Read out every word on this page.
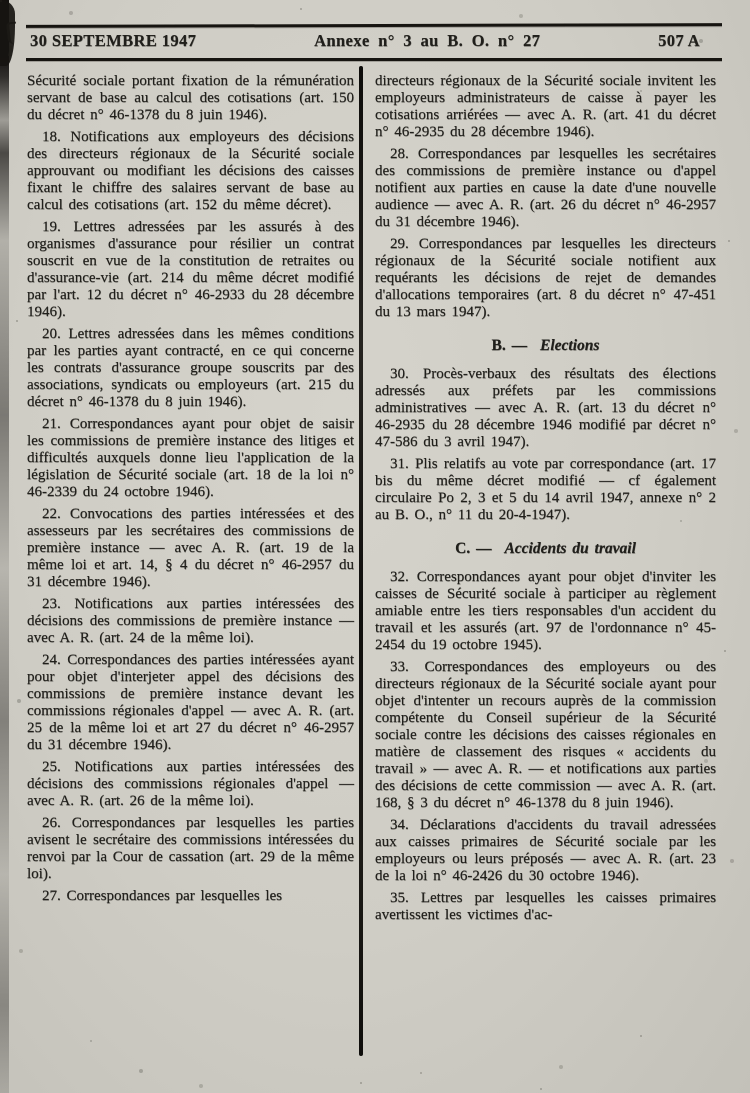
30 SEPTEMBRE 1947	Annexe n° 3 au B. O. n° 27	507 A

Sécurité sociale portant fixation de la rémunération servant de base au calcul des cotisations (art. 150 du décret n° 46-1378 du 8 juin 1946).

18. Notifications aux employeurs des décisions des directeurs régionaux de la Sécurité sociale approuvant ou modifiant les décisions des caisses fixant le chiffre des salaires servant de base au calcul des cotisations (art. 152 du même décret).

19. Lettres adressées par les assurés à des organismes d'assurance pour résilier un contrat souscrit en vue de la constitution de retraites ou d'assurance-vie (art. 214 du même décret modifié par l'art. 12 du décret n° 46-2933 du 28 décembre 1946).

20. Lettres adressées dans les mêmes conditions par les parties ayant contracté, en ce qui concerne les contrats d'assurance groupe souscrits par des associations, syndicats ou employeurs (art. 215 du décret n° 46-1378 du 8 juin 1946).

21. Correspondances ayant pour objet de saisir les commissions de première instance des litiges et difficultés auxquels donne lieu l'application de la législation de Sécurité sociale (art. 18 de la loi n° 46-2339 du 24 octobre 1946).

22. Convocations des parties intéressées et des assesseurs par les secrétaires des commissions de première instance — avec A. R. (art. 19 de la même loi et art. 14, § 4 du décret n° 46-2957 du 31 décembre 1946).

23. Notifications aux parties intéressées des décisions des commissions de première instance — avec A. R. (art. 24 de la même loi).

24. Correspondances des parties intéressées ayant pour objet d'interjeter appel des décisions des commissions de première instance devant les commissions régionales d'appel — avec A. R. (art. 25 de la même loi et art 27 du décret n° 46-2957 du 31 décembre 1946).

25. Notifications aux parties intéressées des décisions des commissions régionales d'appel — avec A. R. (art. 26 de la même loi).

26. Correspondances par lesquelles les parties avisent le secrétaire des commissions intéressées du renvoi par la Cour de cassation (art. 29 de la même loi).

27. Correspondances par lesquelles les

directeurs régionaux de la Sécurité sociale invitent les employeurs administrateurs de caisse à payer les cotisations arriérées — avec A. R. (art. 41 du décret n° 46-2935 du 28 décembre 1946).

28. Correspondances par lesquelles les secrétaires des commissions de première instance ou d'appel notifient aux parties en cause la date d'une nouvelle audience — avec A. R. (art. 26 du décret n° 46-2957 du 31 décembre 1946).

29. Correspondances par lesquelles les directeurs régionaux de la Sécurité sociale notifient aux requérants les décisions de rejet de demandes d'allocations temporaires (art. 8 du décret n° 47-451 du 13 mars 1947).

B. — Elections

30. Procès-verbaux des résultats des élections adressés aux préfets par les commissions administratives — avec A. R. (art. 13 du décret n° 46-2935 du 28 décembre 1946 modifié par décret n° 47-586 du 3 avril 1947).

31. Plis relatifs au vote par correspondance (art. 17 bis du même décret modifié — cf également circulaire Po 2, 3 et 5 du 14 avril 1947, annexe n° 2 au B. O., n° 11 du 20-4-1947).

C. — Accidents du travail

32. Correspondances ayant pour objet d'inviter les caisses de Sécurité sociale à participer au règlement amiable entre les tiers responsables d'un accident du travail et les assurés (art. 97 de l'ordonnance n° 45-2454 du 19 octobre 1945).

33. Correspondances des employeurs ou des directeurs régionaux de la Sécurité sociale ayant pour objet d'intenter un recours auprès de la commission compétente du Conseil supérieur de la Sécurité sociale contre les décisions des caisses régionales en matière de classement des risques « accidents du travail » — avec A. R. — et notifications aux parties des décisions de cette commission — avec A. R. (art. 168, § 3 du décret n° 46-1378 du 8 juin 1946).

34. Déclarations d'accidents du travail adressées aux caisses primaires de Sécurité sociale par les employeurs ou leurs préposés — avec A. R. (art. 23 de la loi n° 46-2426 du 30 octobre 1946).

35. Lettres par lesquelles les caisses primaires avertissent les victimes d'ac-
